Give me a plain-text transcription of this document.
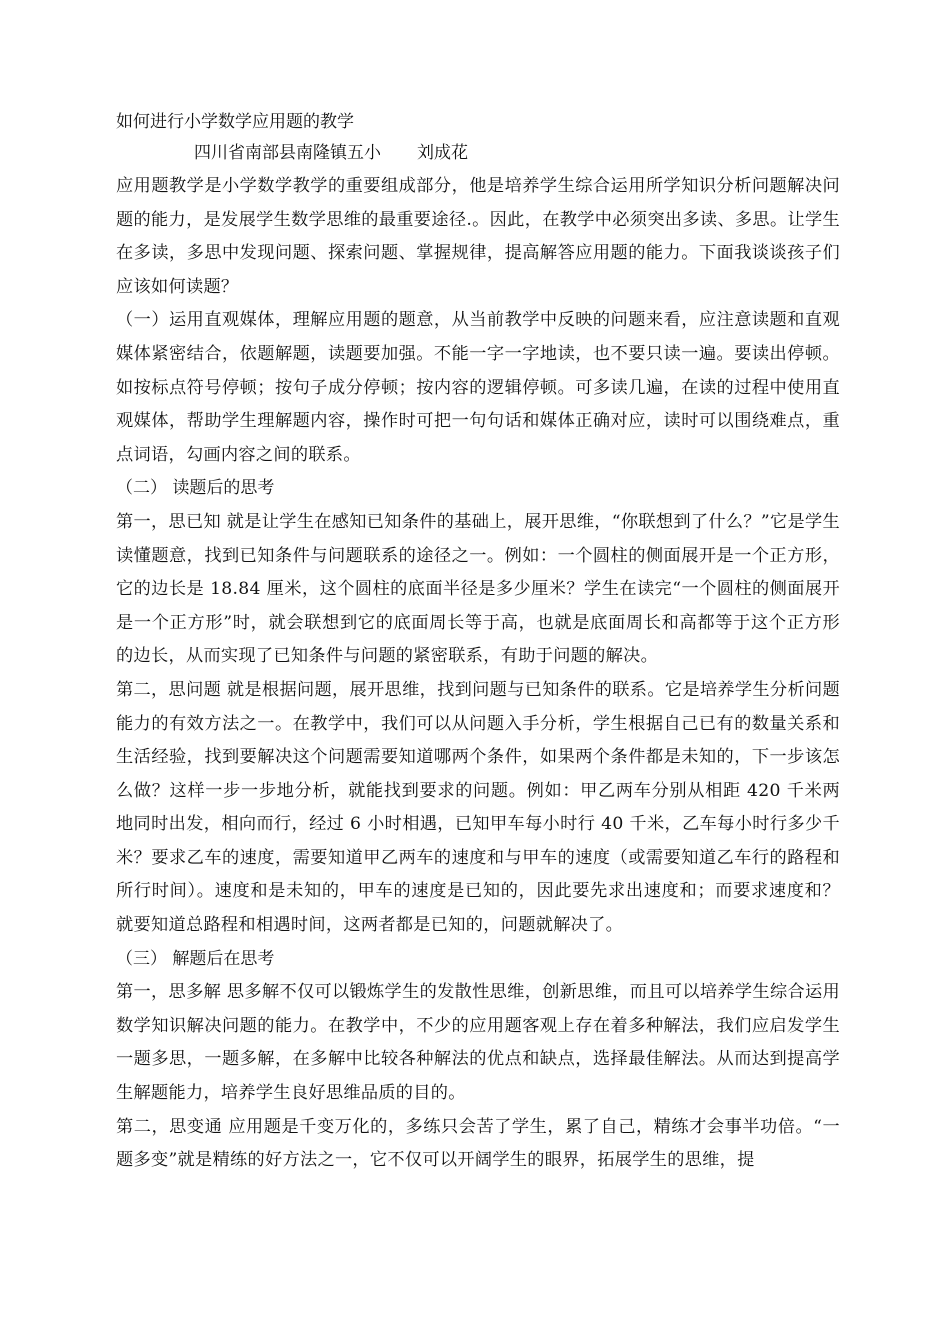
如何进行小学数学应用题的教学
四川省南部县南隆镇五小 刘成花

应用题教学是小学数学教学的重要组成部分，他是培养学生综合运用所学知识分析问题解决问题的能力，是发展学生数学思维的最重要途径.。因此，在教学中必须突出多读、多思。让学生在多读，多思中发现问题、探索问题、掌握规律，提高解答应用题的能力。下面我谈谈孩子们应该如何读题？

（一）运用直观媒体，理解应用题的题意，从当前教学中反映的问题来看，应注意读题和直观媒体紧密结合，依题解题，读题要加强。不能一字一字地读，也不要只读一遍。要读出停顿。如按标点符号停顿；按句子成分停顿；按内容的逻辑停顿。可多读几遍，在读的过程中使用直观媒体，帮助学生理解题内容，操作时可把一句句话和媒体正确对应，读时可以围绕难点，重点词语，勾画内容之间的联系。

（二） 读题后的思考

第一，思已知 就是让学生在感知已知条件的基础上，展开思维，“你联想到了什么？”它是学生读懂题意，找到已知条件与问题联系的途径之一。例如：一个圆柱的侧面展开是一个正方形，它的边长是 18.84 厘米，这个圆柱的底面半径是多少厘米？学生在读完“一个圆柱的侧面展开是一个正方形”时，就会联想到它的底面周长等于高，也就是底面周长和高都等于这个正方形的边长，从而实现了已知条件与问题的紧密联系，有助于问题的解决。

第二，思问题 就是根据问题，展开思维，找到问题与已知条件的联系。它是培养学生分析问题能力的有效方法之一。在教学中，我们可以从问题入手分析，学生根据自己已有的数量关系和生活经验，找到要解决这个问题需要知道哪两个条件，如果两个条件都是未知的，下一步该怎么做？这样一步一步地分析，就能找到要求的问题。例如：甲乙两车分别从相距 420 千米两地同时出发，相向而行，经过 6 小时相遇，已知甲车每小时行 40 千米，乙车每小时行多少千米？要求乙车的速度，需要知道甲乙两车的速度和与甲车的速度（或需要知道乙车行的路程和所行时间）。速度和是未知的，甲车的速度是已知的，因此要先求出速度和；而要求速度和？就要知道总路程和相遇时间，这两者都是已知的，问题就解决了。

（三） 解题后在思考

第一，思多解 思多解不仅可以锻炼学生的发散性思维，创新思维，而且可以培养学生综合运用数学知识解决问题的能力。在教学中，不少的应用题客观上存在着多种解法，我们应启发学生一题多思，一题多解，在多解中比较各种解法的优点和缺点，选择最佳解法。从而达到提高学生解题能力，培养学生良好思维品质的目的。

第二，思变通 应用题是千变万化的，多练只会苦了学生，累了自己，精练才会事半功倍。“一题多变”就是精练的好方法之一，它不仅可以开阔学生的眼界，拓展学生的思维，提
